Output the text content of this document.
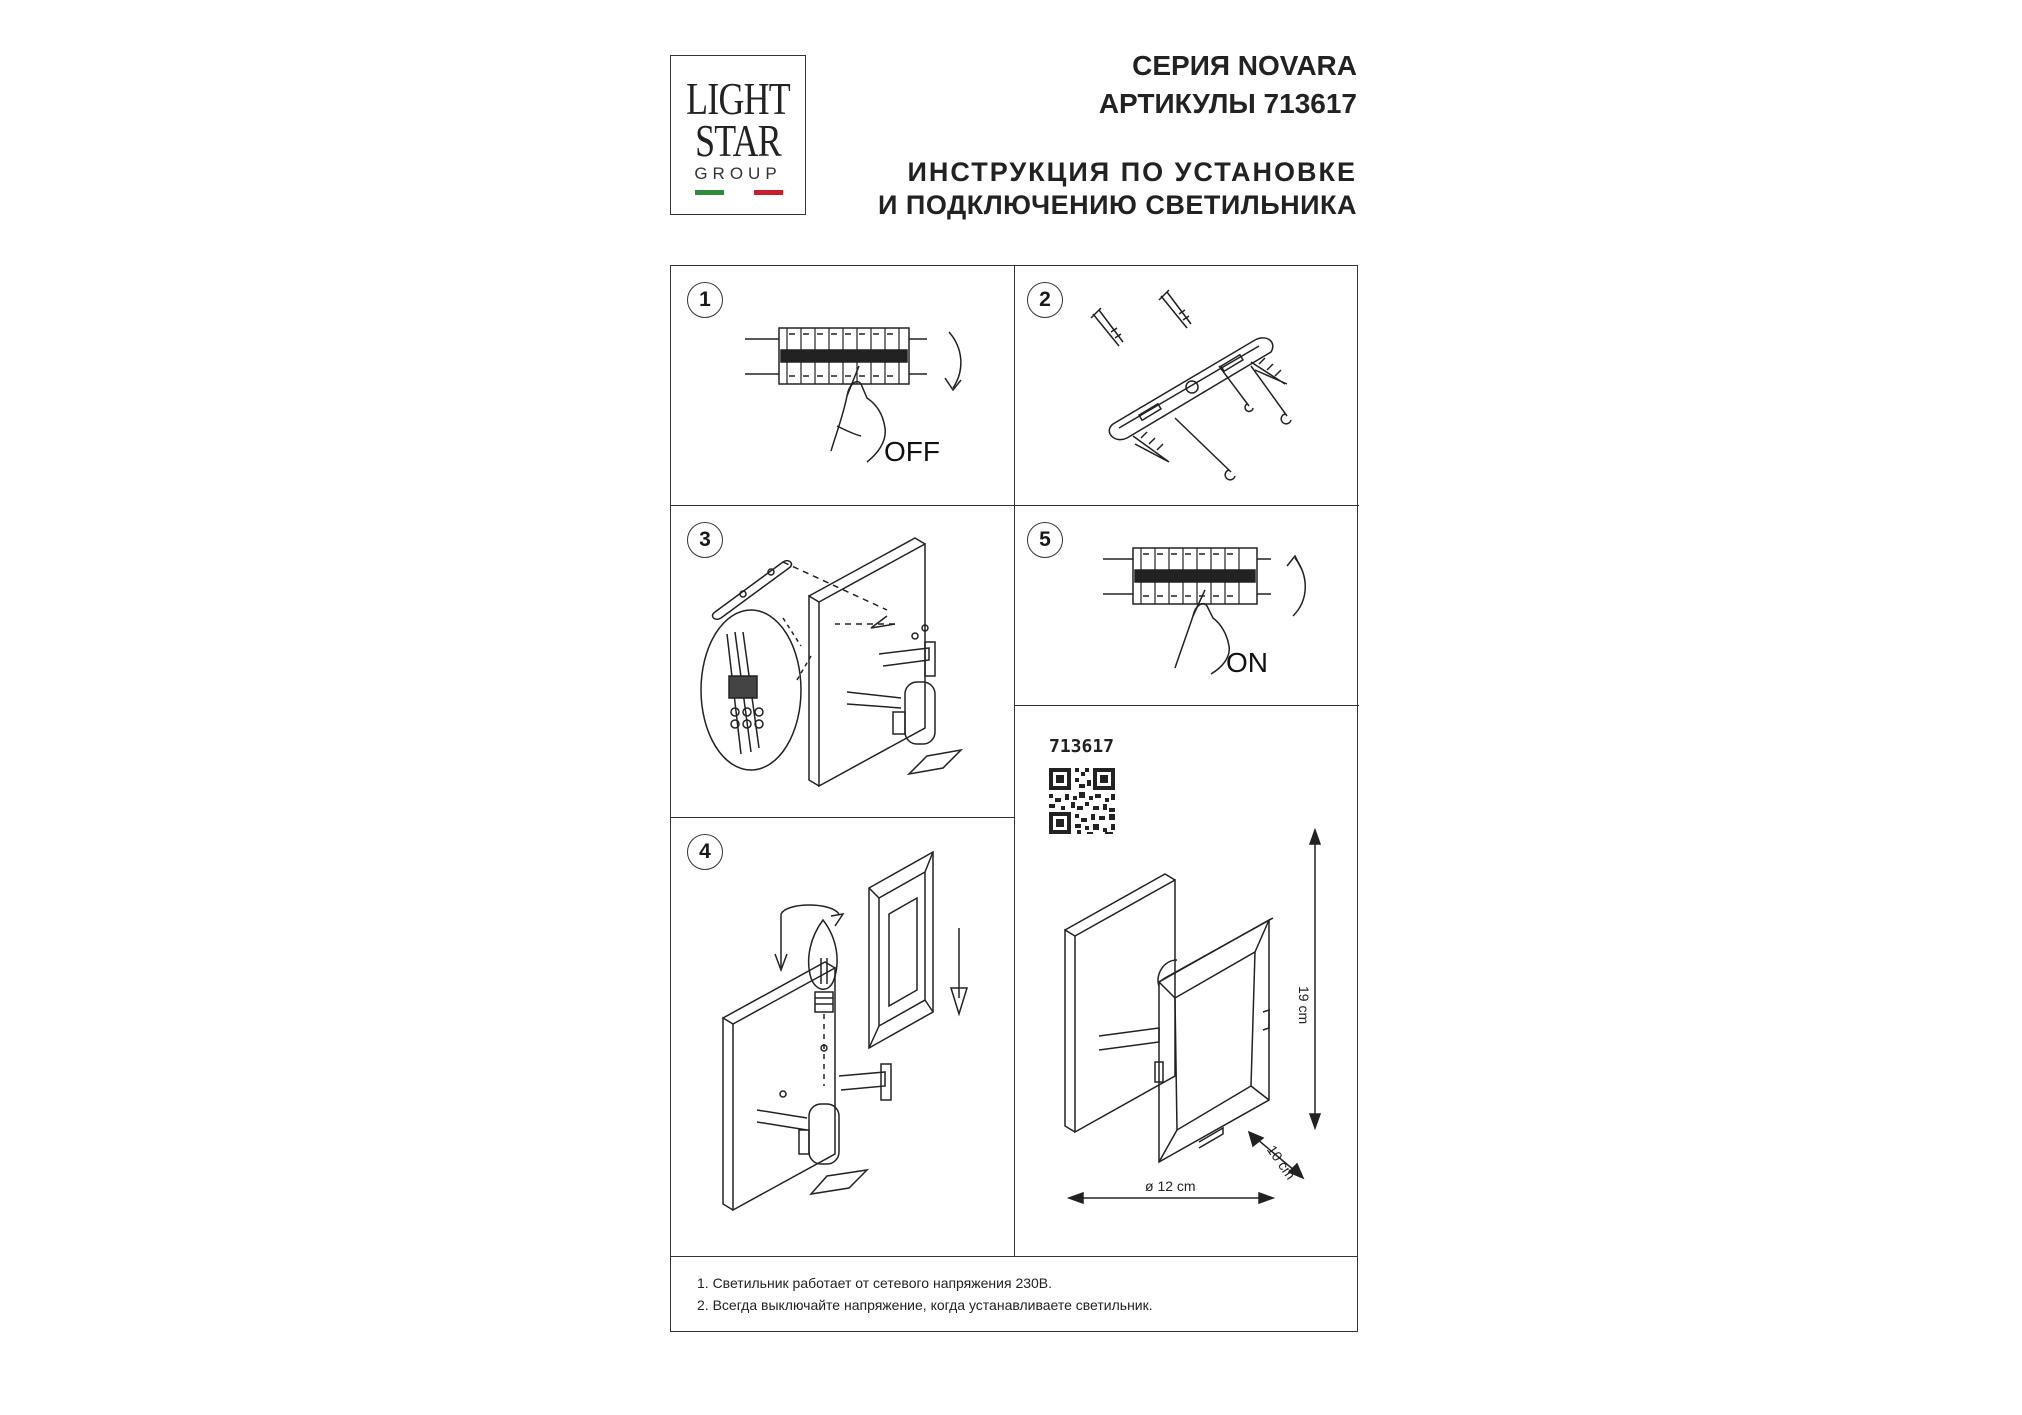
LIGHT
STAR
GROUP
СЕРИЯ NOVARA
АРТИКУЛЫ 713617
ИНСТРУКЦИЯ ПО УСТАНОВКЕ
И ПОДКЛЮЧЕНИЮ СВЕТИЛЬНИКА
1
OFF
2
3	5
ON
4
713617
19 cm
10 cm
ø 12 cm
1. Светильник работает от сетевого напряжения 230В.
2. Всегда выключайте напряжение, когда устанавливаете светильник.
